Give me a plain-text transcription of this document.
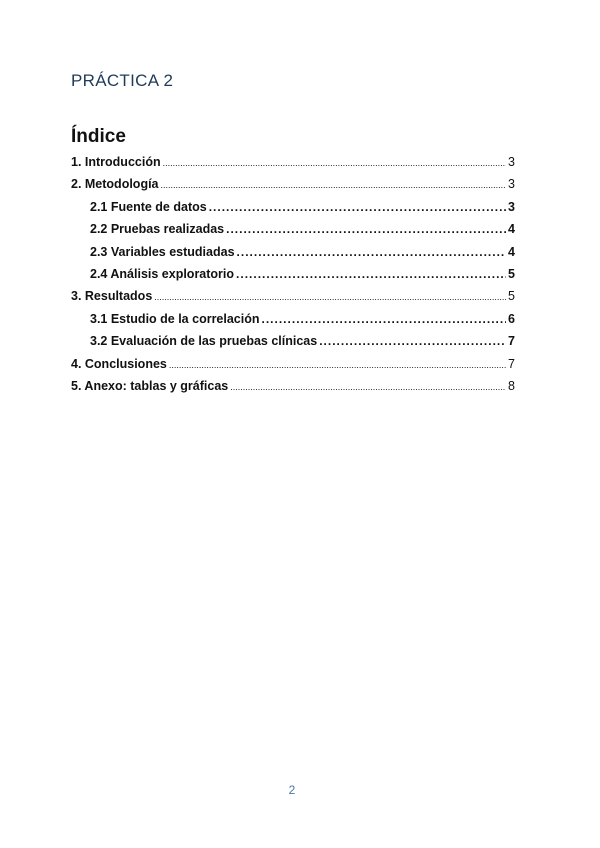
PRÁCTICA 2
Índice
1. Introducción .....	3
2. Metodología .....	3
2.1 Fuente de datos .....	3
2.2 Pruebas realizadas .....	4
2.3 Variables estudiadas .....	4
2.4 Análisis exploratorio .....	5
3. Resultados .....	5
3.1 Estudio de la correlación .....	6
3.2 Evaluación de las pruebas clínicas .....	7
4. Conclusiones .....	7
5. Anexo: tablas y gráficas .....	8
2
